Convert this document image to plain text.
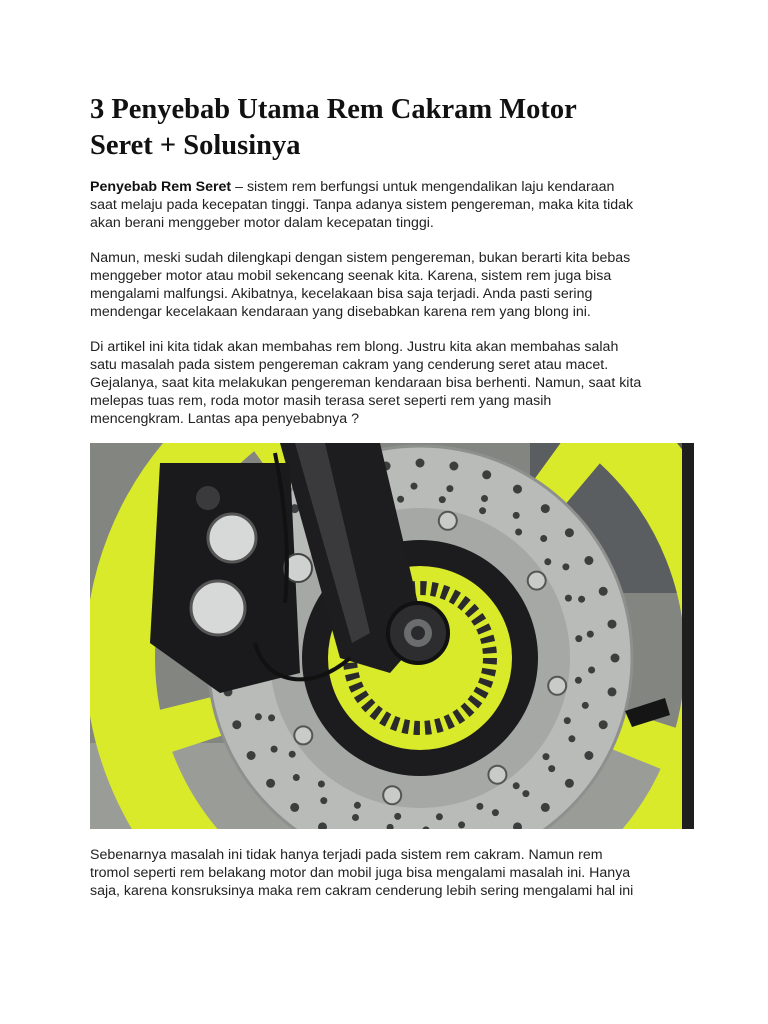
3 Penyebab Utama Rem Cakram Motor
Seret + Solusinya

Penyebab Rem Seret – sistem rem berfungsi untuk mengendalikan laju kendaraan
saat melaju pada kecepatan tinggi. Tanpa adanya sistem pengereman, maka kita tidak
akan berani menggeber motor dalam kecepatan tinggi.

Namun, meski sudah dilengkapi dengan sistem pengereman, bukan berarti kita bebas
menggeber motor atau mobil sekencang seenak kita. Karena, sistem rem juga bisa
mengalami malfungsi. Akibatnya, kecelakaan bisa saja terjadi. Anda pasti sering
mendengar kecelakaan kendaraan yang disebabkan karena rem yang blong ini.

Di artikel ini kita tidak akan membahas rem blong. Justru kita akan membahas salah
satu masalah pada sistem pengereman cakram yang cenderung seret atau macet.
Gejalanya, saat kita melakukan pengereman kendaraan bisa berhenti. Namun, saat kita
melepas tuas rem, roda motor masih terasa seret seperti rem yang masih
mencengkram. Lantas apa penyebabnya ?

Sebenarnya masalah ini tidak hanya terjadi pada sistem rem cakram. Namun rem
tromol seperti rem belakang motor dan mobil juga bisa mengalami masalah ini. Hanya
saja, karena konsruksinya maka rem cakram cenderung lebih sering mengalami hal ini
